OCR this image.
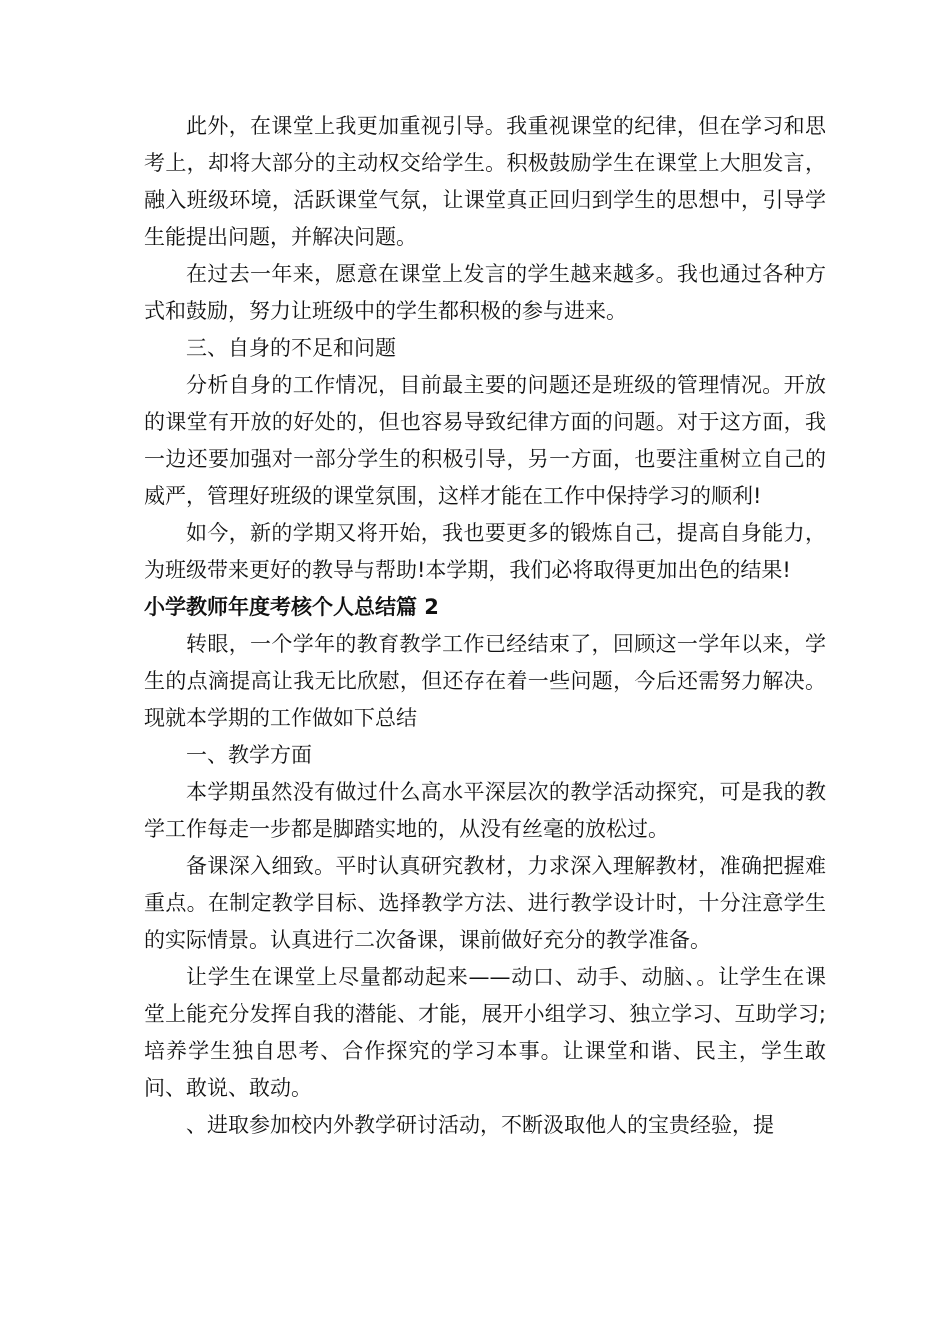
此外，在课堂上我更加重视引导。我重视课堂的纪律，但在学习和思考上，却将大部分的主动权交给学生。积极鼓励学生在课堂上大胆发言，融入班级环境，活跃课堂气氛，让课堂真正回归到学生的思想中，引导学生能提出问题，并解决问题。

在过去一年来，愿意在课堂上发言的学生越来越多。我也通过各种方式和鼓励，努力让班级中的学生都积极的参与进来。

三、自身的不足和问题

分析自身的工作情况，目前最主要的问题还是班级的管理情况。开放的课堂有开放的好处的，但也容易导致纪律方面的问题。对于这方面，我一边还要加强对一部分学生的积极引导，另一方面，也要注重树立自己的威严，管理好班级的课堂氛围，这样才能在工作中保持学习的顺利!

如今，新的学期又将开始，我也要更多的锻炼自己，提高自身能力，为班级带来更好的教导与帮助!本学期，我们必将取得更加出色的结果!

小学教师年度考核个人总结篇 2

转眼，一个学年的教育教学工作已经结束了，回顾这一学年以来，学生的点滴提高让我无比欣慰，但还存在着一些问题，今后还需努力解决。现就本学期的工作做如下总结

一、教学方面

本学期虽然没有做过什么高水平深层次的教学活动探究，可是我的教学工作每走一步都是脚踏实地的，从没有丝毫的放松过。

备课深入细致。平时认真研究教材，力求深入理解教材，准确把握难重点。在制定教学目标、选择教学方法、进行教学设计时，十分注意学生的实际情景。认真进行二次备课，课前做好充分的教学准备。

让学生在课堂上尽量都动起来——动口、动手、动脑、。让学生在课堂上能充分发挥自我的潜能、才能，展开小组学习、独立学习、互助学习;培养学生独自思考、合作探究的学习本事。让课堂和谐、民主，学生敢问、敢说、敢动。

、进取参加校内外教学研讨活动，不断汲取他人的宝贵经验，提
